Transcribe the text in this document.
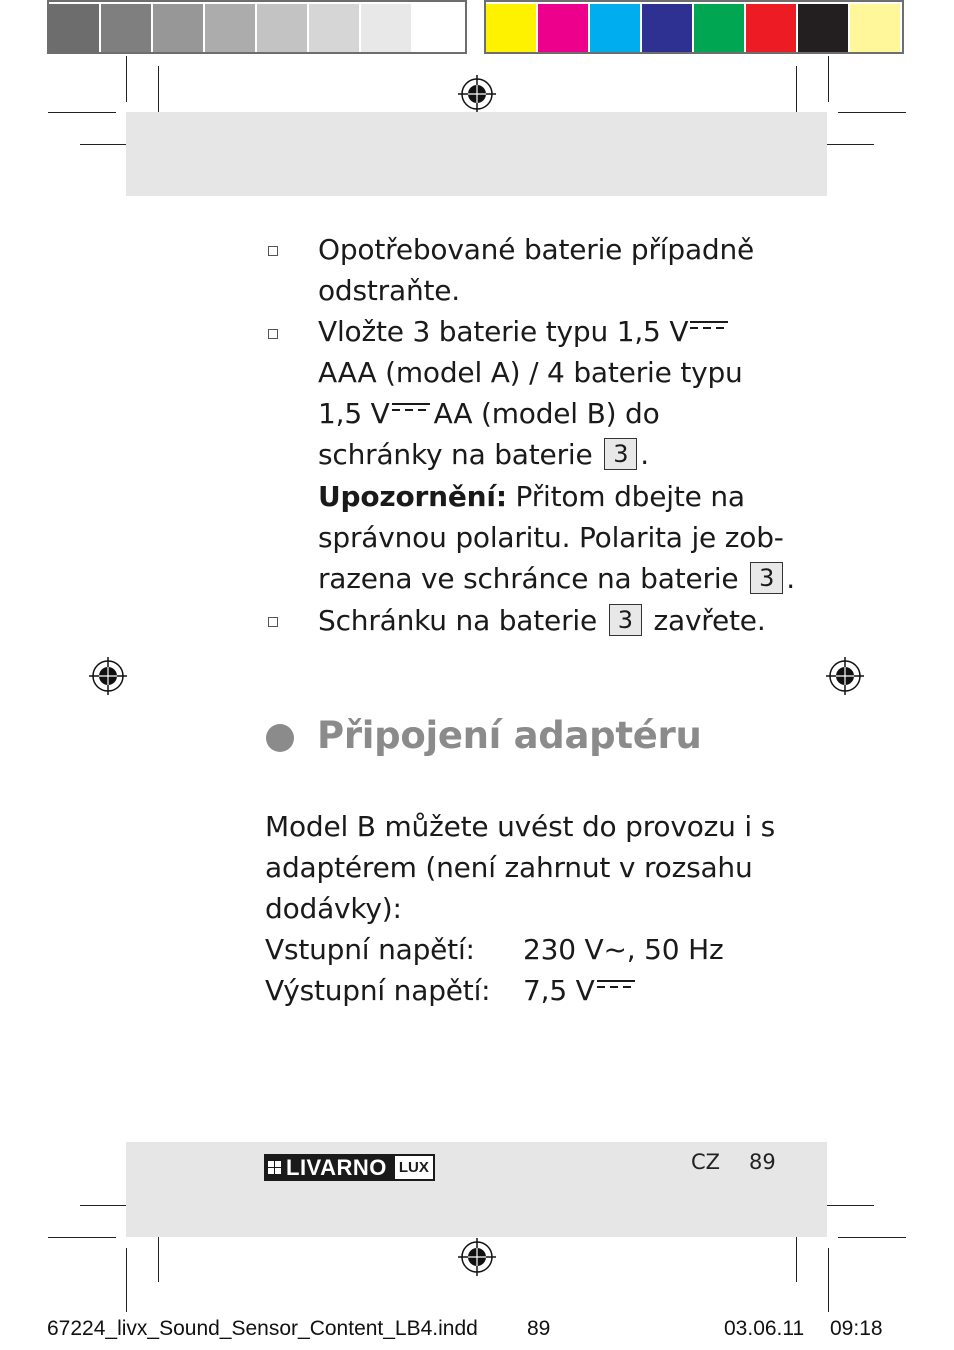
Opotřebované baterie případně
odstraňte.
Vložte 3 baterie typu 1,5 V
AAA (model A) / 4 baterie typu
1,5 V AA (model B) do
schránky na baterie 3 .
Upozornění: Přitom dbejte na
správnou polaritu. Polarita je zob-
razena ve schránce na baterie 3 .
Schránku na baterie 3 zavřete.
Připojení adaptéru
Model B můžete uvést do provozu i s
adaptérem (není zahrnut v rozsahu
dodávky):
Vstupní napětí: 230 V~, 50 Hz
Výstupní napětí: 7,5 V
LIVARNO LUX	CZ 89
67224_livx_Sound_Sensor_Content_LB4.indd 89	03.06.11 09:18
